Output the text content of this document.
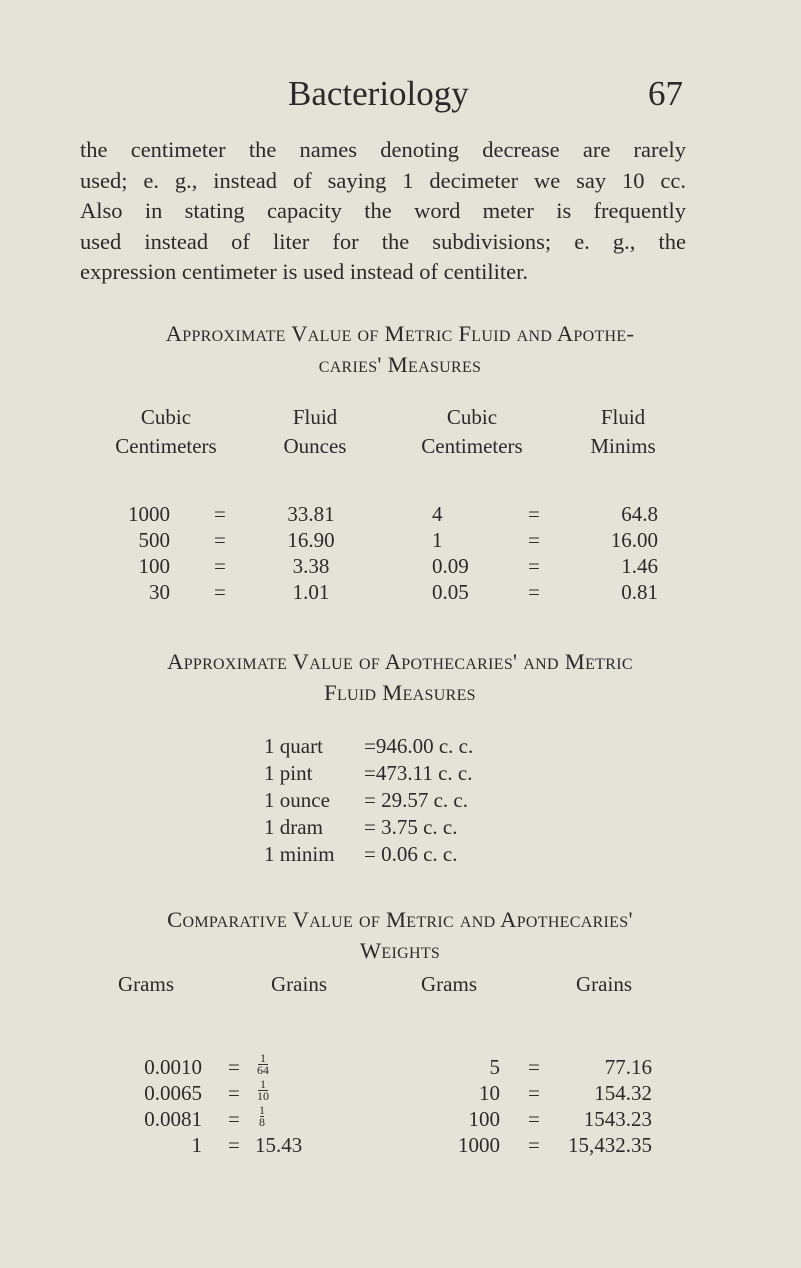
Bacteriology	67
the centimeter the names denoting decrease are rarely
used; e. g., instead of saying 1 decimeter we say 10 cc.
Also in stating capacity the word meter is frequently
used instead of liter for the subdivisions; e. g., the
expression centimeter is used instead of centiliter.
Approximate Value of Metric Fluid and Apothe-
caries' Measures
Cubic
Centimeters
Fluid
Ounces
Cubic
Centimeters
Fluid
Minims
1000 =	33.81	4	=	64.8
500 =	16.90	1	=	16.00
100 =	3.38	0.09	=	1.46
30 =	1.01	0.05	=	0.81
Approximate Value of Apothecaries' and Metric
Fluid Measures
1 quart =946.00 c. c.
1 pint =473.11 c. c.
1 ounce = 29.57 c. c.
1 dram = 3.75 c. c.
1 minim = 0.06 c. c.
Comparative Value of Metric and Apothecaries'
Weights
Grams	Grains	Grams	Grains
$0.0010 = \frac{1}{64}$	5 =	77.16
$0.0065 = \frac{1}{10}$	10 =	154.32
$0.0081 = \frac{1}{8}$	100 =	1543.23
1 = 15.43	1000 =	15,432.35
